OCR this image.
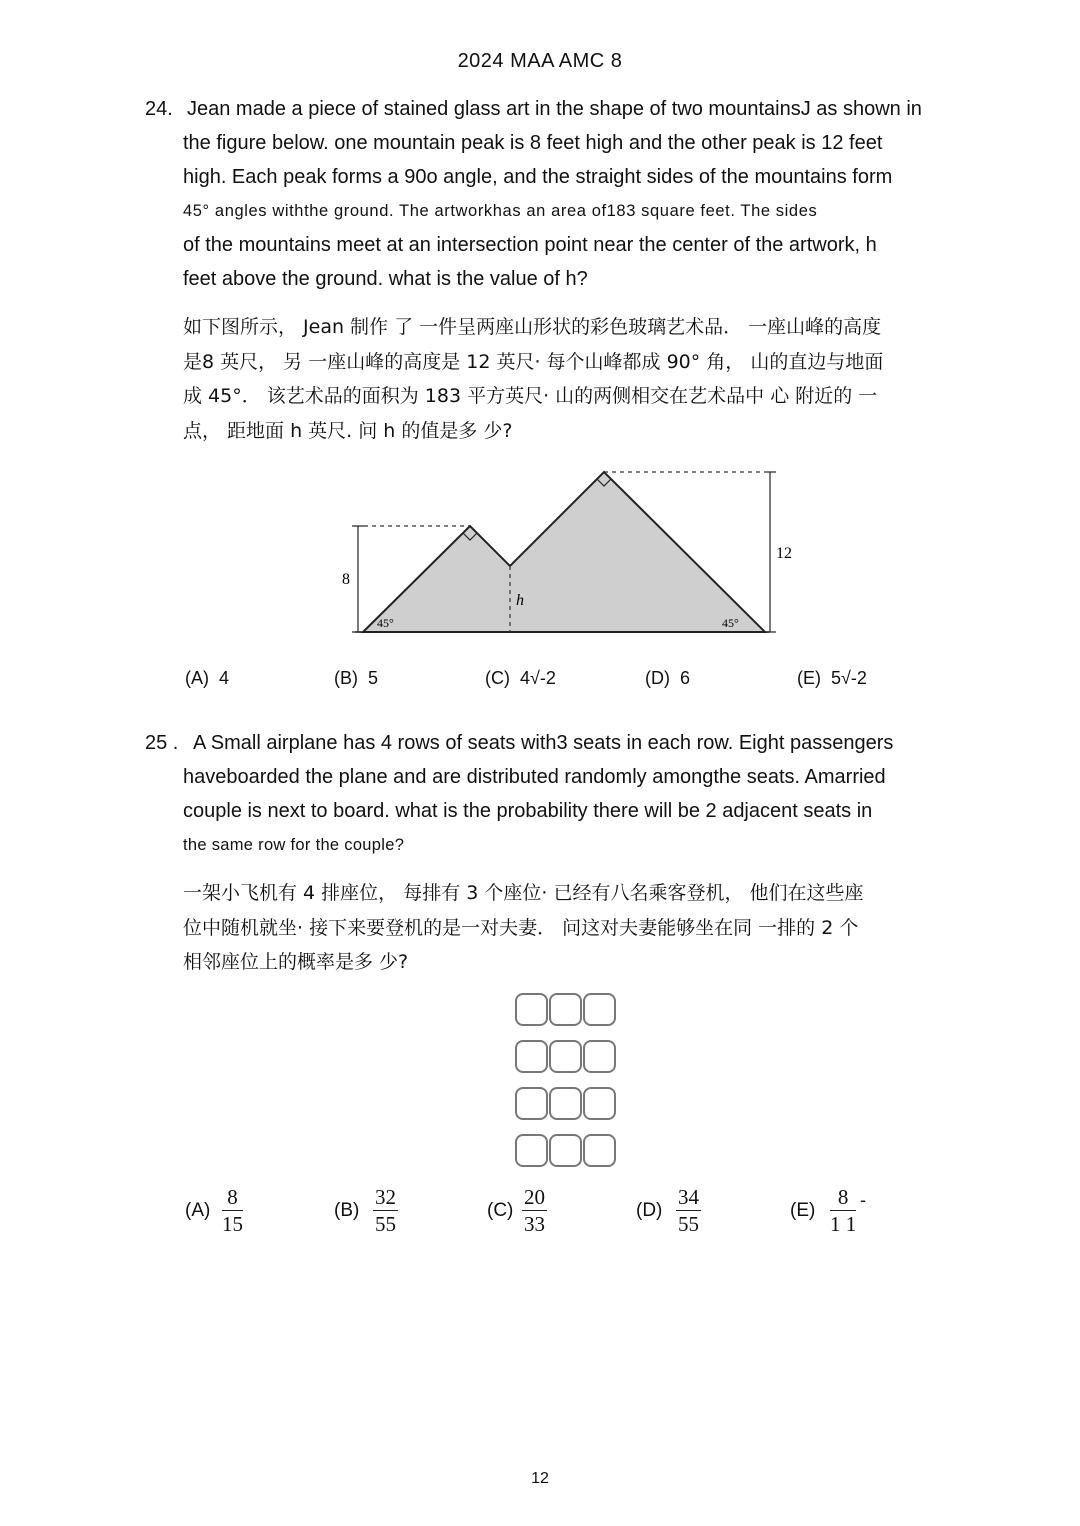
2024 MAA AMC 8
24. Jean made a piece of stained glass art in the shape of two mountainsJ as shown in
the figure below. one mountain peak is 8 feet high and the other peak is 12 feet
high. Each peak forms a 90o angle, and the straight sides of the mountains form
45° angles withthe ground. The artworkhas an area of183 square feet. The sides
of the mountains meet at an intersection point near the center of the artwork, h
feet above the ground. what is the value of h?
如下图所示， Jean 制作 了 一件呈两座山形状的彩色玻璃艺术品． 一座山峰的高度
是8 英尺， 另 一座山峰的高度是 12 英尺· 每个山峰都成 90° 角， 山的直边与地面
成 45°． 该艺术品的面积为 183 平方英尺· 山的两侧相交在艺术品中 心 附近的 一
点， 距地面 h 英尺. 问 h 的值是多 少?
8
12
h
45°	45°
(A) 4	(B) 5	(C) 4√-2	(D) 6	(E) 5√-2
25 . A Small airplane has 4 rows of seats with3 seats in each row. Eight passengers
haveboarded the plane and are distributed randomly amongthe seats. Amarried
couple is next to board. what is the probability there will be 2 adjacent seats in
the same row for the couple?
一架小飞机有 4 排座位， 每排有 3 个座位· 已经有八名乘客登机， 他们在这些座
位中随机就坐· 接下来要登机的是一对夫妻． 问这对夫妻能够坐在同 一排的 2 个
相邻座位上的概率是多 少?
$(A) \frac{8}{15}$	$(B) \frac{32}{55}$	$(C) \frac{20}{33}$	$(D) \frac{34}{55}$	$(E) \frac{8}{1 1}$ -
12
